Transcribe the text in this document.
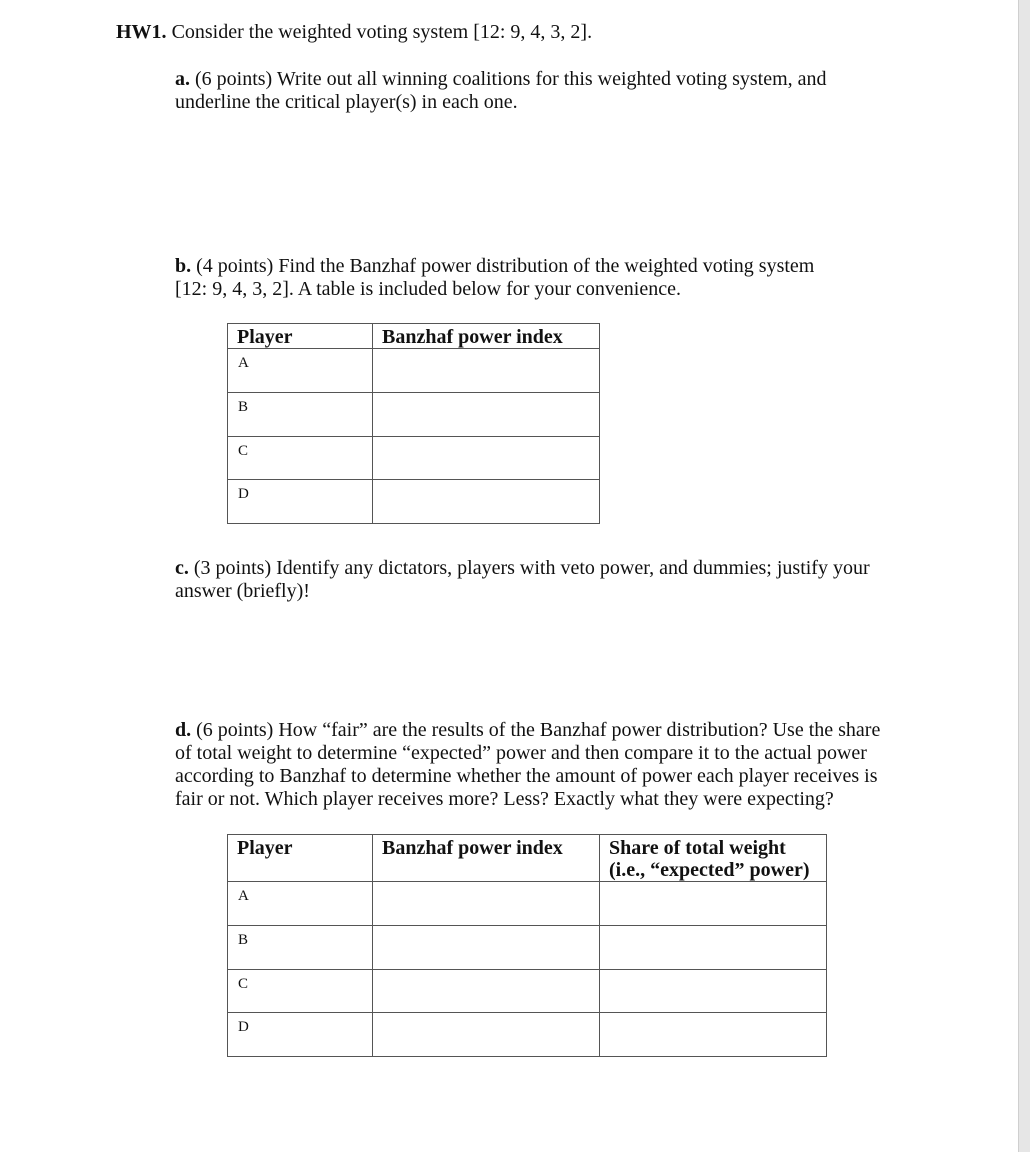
HW1. Consider the weighted voting system [12: 9, 4, 3, 2].

a. (6 points) Write out all winning coalitions for this weighted voting system, and
underline the critical player(s) in each one.

b. (4 points) Find the Banzhaf power distribution of the weighted voting system
[12: 9, 4, 3, 2]. A table is included below for your convenience.

Player	Banzhaf power index
A	
B	
C	
D	

c. (3 points) Identify any dictators, players with veto power, and dummies; justify your
answer (briefly)!

d. (6 points) How “fair” are the results of the Banzhaf power distribution? Use the share
of total weight to determine “expected” power and then compare it to the actual power
according to Banzhaf to determine whether the amount of power each player receives is
fair or not. Which player receives more? Less? Exactly what they were expecting?

Player	Banzhaf power index	Share of total weight
(i.e., “expected” power)

A		
B		
C		
D		
